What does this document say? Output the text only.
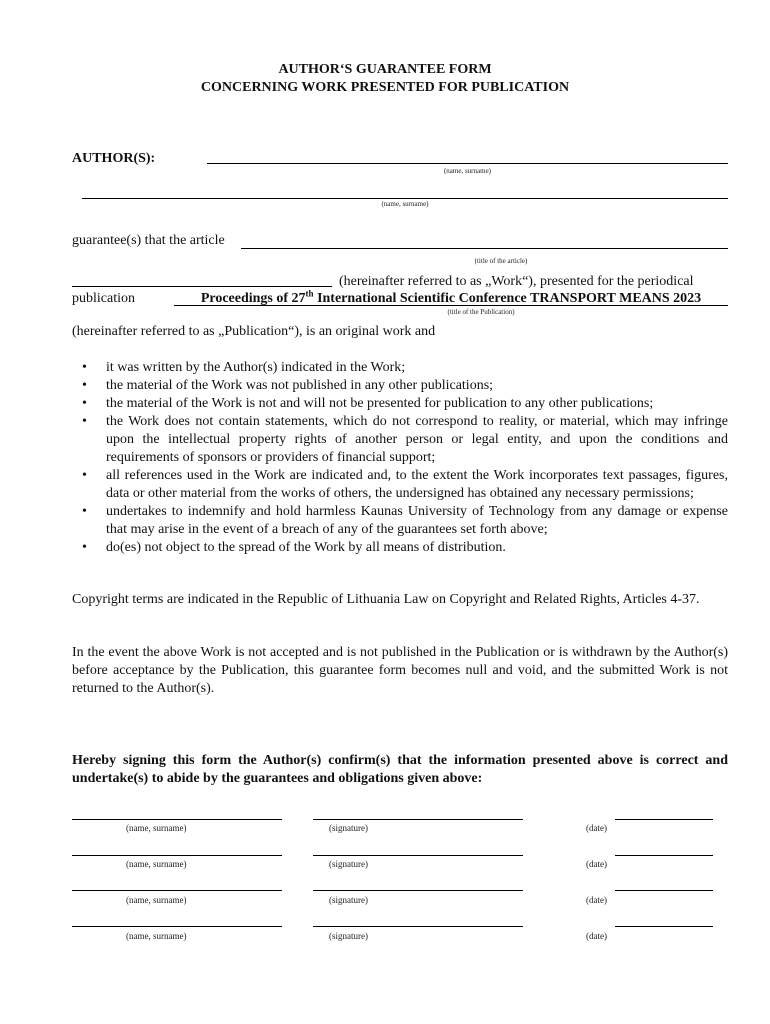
AUTHOR‘S GUARANTEE FORM
CONCERNING WORK PRESENTED FOR PUBLICATION
AUTHOR(S):
(name, surname)
(name, surname)
guarantee(s) that the article
(title of the article)
(hereinafter referred to as „Work“), presented for the periodical
publication	Proceedings of 27th International Scientific Conference TRANSPORT MEANS 2023
(title of the Publication)
(hereinafter referred to as „Publication“), is an original work and
• it was written by the Author(s) indicated in the Work;
• the material of the Work was not published in any other publications;
• the material of the Work is not and will not be presented for publication to any other publications;
• the Work does not contain statements, which do not correspond to reality, or material, which may infringe upon the intellectual property rights of another person or legal entity, and upon the conditions and requirements of sponsors or providers of financial support;
• all references used in the Work are indicated and, to the extent the Work incorporates text passages, figures, data or other material from the works of others, the undersigned has obtained any necessary permissions;
• undertakes to indemnify and hold harmless Kaunas University of Technology from any damage or expense that may arise in the event of a breach of any of the guarantees set forth above;
• do(es) not object to the spread of the Work by all means of distribution.
Copyright terms are indicated in the Republic of Lithuania Law on Copyright and Related Rights, Articles 4-37.
In the event the above Work is not accepted and is not published in the Publication or is withdrawn by the Author(s) before acceptance by the Publication, this guarantee form becomes null and void, and the submitted Work is not returned to the Author(s).
Hereby signing this form the Author(s) confirm(s) that the information presented above is correct and undertake(s) to abide by the guarantees and obligations given above:
(name, surname)	(signature)	(date)
(name, surname)	(signature)	(date)
(name, surname)	(signature)	(date)
(name, surname)	(signature)	(date)
